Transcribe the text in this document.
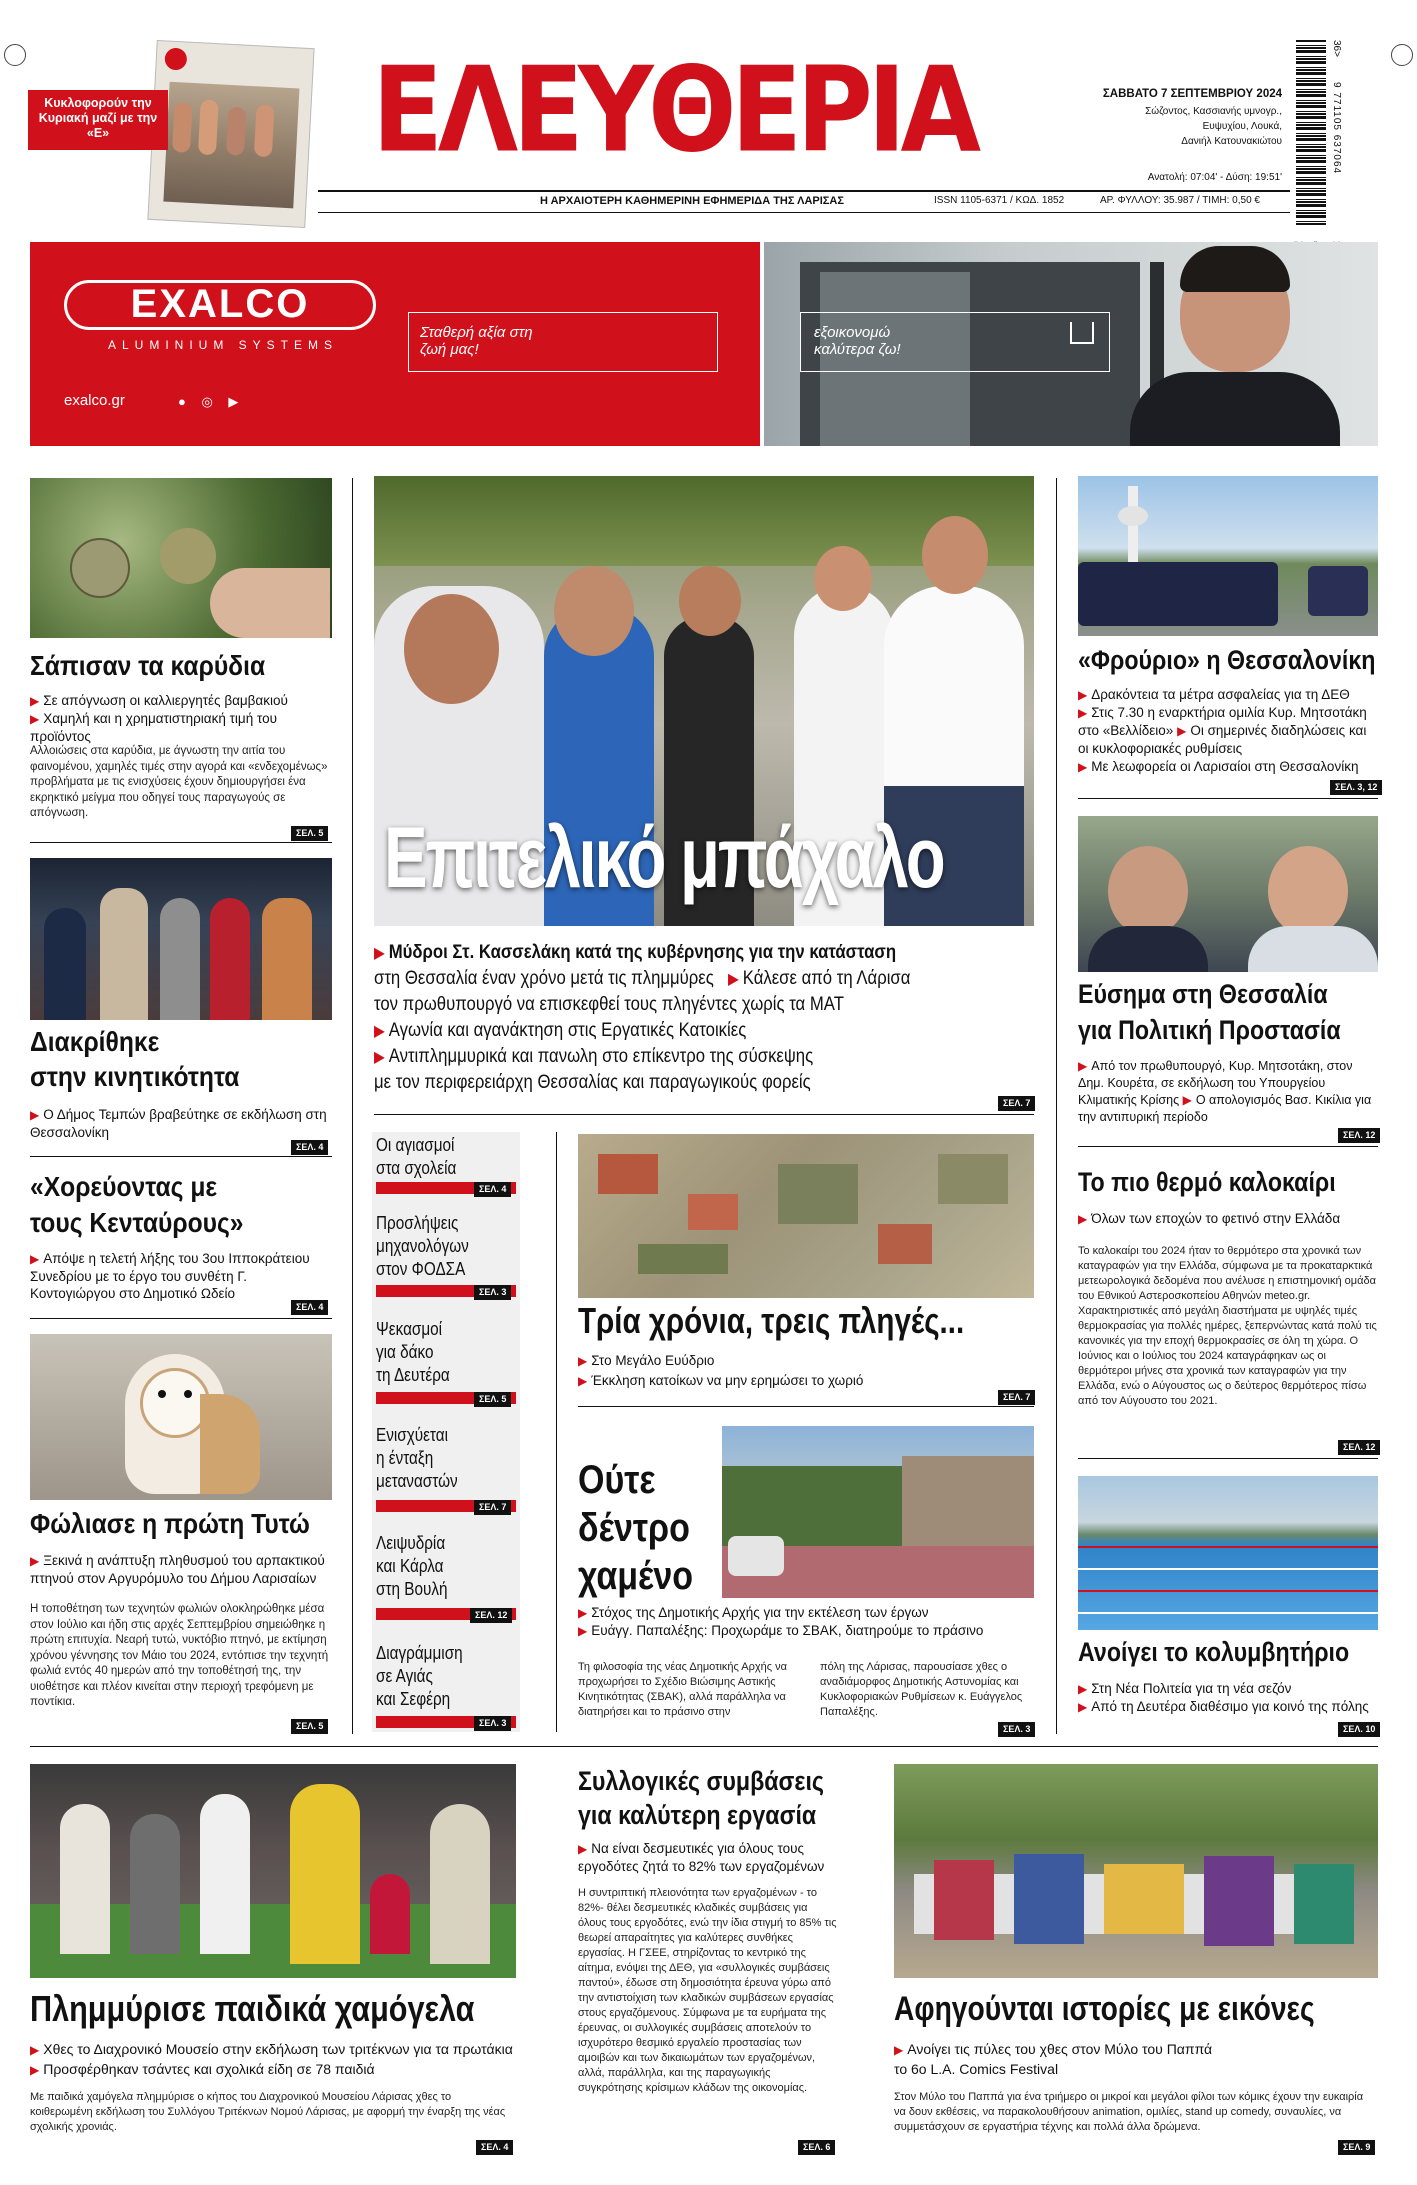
Κυκλοφορούν την Κυριακή μαζί με την «Ε»	ΕΛΕΥΘΕΡΙΑ	ΣΑΒΒΑΤΟ 7 ΣΕΠΤΕΜΒΡΙΟΥ 2024
Σώζοντος, Κασσιανής υμνογρ.,
Ευψυχίου, Λουκά,
Δανιήλ Κατουνακιώτου
Ανατολή: 07:04' - Δύση: 19:51'
36>
9 771105 637064
Η ΑΡΧΑΙΟΤΕΡΗ ΚΑΘΗΜΕΡΙΝΗ ΕΦΗΜΕΡΙΔΑ ΤΗΣ ΛΑΡΙΣΑΣ	ISSN 1105-6371 / ΚΩΔ. 1852	ΑΡ. ΦΥΛΛΟΥ: 35.987 / ΤΙΜΗ: 0,50 €
EXALCO
ALUMINIUM SYSTEMS
exalco.gr	● ◎ ▶
Σταθερή αξία στη ζωή μας!
εξοικονομώ καλύτερα ζω!
Σάπισαν τα καρύδια
▶ Σε απόγνωση οι καλλιεργητές βαμβακιού
▶ Χαμηλή και η χρηματιστηριακή τιμή του προϊόντος
Αλλοιώσεις στα καρύδια, με άγνωστη την αιτία του φαινομένου, χαμηλές τιμές στην αγορά και «ενδεχομένως» προβλήματα με τις ενισχύσεις έχουν δημιουργήσει ένα εκρηκτικό μείγμα που οδηγεί τους παραγωγούς σε απόγνωση.
ΣΕΛ. 5
Διακρίθηκε
στην κινητικότητα
▶ Ο Δήμος Τεμπών βραβεύτηκε σε εκδήλωση στη Θεσσαλονίκη
ΣΕΛ. 4
«Χορεύοντας με
τους Κενταύρους»
▶ Απόψε η τελετή λήξης του 3ου Ιπποκράτειου Συνεδρίου με το έργο του συνθέτη Γ. Κοντογιώργου στο Δημοτικό Ωδείο
ΣΕΛ. 4
Φώλιασε η πρώτη Τυτώ
▶ Ξεκινά η ανάπτυξη πληθυσμού του αρπακτικού πτηνού στον Αργυρόμυλο του Δήμου Λαρισαίων
Η τοποθέτηση των τεχνητών φωλιών ολοκληρώθηκε μέσα στον Ιούλιο και ήδη στις αρχές Σεπτεμβρίου σημειώθηκε η πρώτη επιτυχία. Νεαρή τυτώ, νυκτόβιο πτηνό, με εκτίμηση χρόνου γέννησης τον Μάιο του 2024, εντόπισε την τεχνητή φωλιά εντός 40 ημερών από την τοποθέτησή της, την υιοθέτησε και πλέον κινείται στην περιοχή τρεφόμενη με ποντίκια.
ΣΕΛ. 5
Επιτελικό μπάχαλο
▶ Μύδροι Στ. Κασσελάκη κατά της κυβέρνησης για την κατάσταση
στη Θεσσαλία έναν χρόνο μετά τις πλημμύρες ▶ Κάλεσε από τη Λάρισα
τον πρωθυπουργό να επισκεφθεί τους πληγέντες χωρίς τα ΜΑΤ
▶ Αγωνία και αγανάκτηση στις Εργατικές Κατοικίες
▶ Αντιπλημμυρικά και πανωλη στο επίκεντρο της σύσκεψης
με τον περιφερειάρχη Θεσσαλίας και παραγωγικούς φορείς
ΣΕΛ. 7
Οι αγιασμοί
στα σχολεία
ΣΕΛ. 4
Προσλήψεις
μηχανολόγων
στον ΦΟΔΣΑ
ΣΕΛ. 3
Ψεκασμοί
για δάκο
τη Δευτέρα
ΣΕΛ. 5
Ενισχύεται
η ένταξη
μεταναστών
ΣΕΛ. 7
Λειψυδρία
και Κάρλα
στη Βουλή
ΣΕΛ. 12
Διαγράμμιση
σε Αγιάς
και Σεφέρη
ΣΕΛ. 3
Τρία χρόνια, τρεις πληγές...
▶ Στο Μεγάλο Ευύδριο
▶ Έκκληση κατοίκων να μην ερημώσει το χωριό
ΣΕΛ. 7
Ούτε
δέντρο
χαμένο
▶ Στόχος της Δημοτικής Αρχής για την εκτέλεση των έργων
▶ Ευάγγ. Παπαλέξης: Προχωράμε το ΣΒΑΚ, διατηρούμε το πράσινο
Τη φιλοσοφία της νέας Δημοτικής Αρχής να προχωρήσει το Σχέδιο Βιώσιμης Αστικής Κινητικότητας (ΣΒΑΚ), αλλά παράλληλα να διατηρήσει και το πράσινο στην
πόλη της Λάρισας, παρουσίασε χθες ο αναδιάμορφος Δημοτικής Αστυνομίας και Κυκλοφοριακών Ρυθμίσεων κ. Ευάγγελος Παπαλέξης.
ΣΕΛ. 3
«Φρούριο» η Θεσσαλονίκη
▶ Δρακόντεια τα μέτρα ασφαλείας για τη ΔΕΘ
▶ Στις 7.30 η εναρκτήρια ομιλία Κυρ. Μητσοτάκη στο «Βελλίδειο» ▶ Οι σημερινές διαδηλώσεις και οι κυκλοφοριακές ρυθμίσεις
▶ Με λεωφορεία οι Λαρισαίοι στη Θεσσαλονίκη
ΣΕΛ. 3, 12
Εύσημα στη Θεσσαλία
για Πολιτική Προστασία
▶ Από τον πρωθυπουργό, Κυρ. Μητσοτάκη, στον Δημ. Κουρέτα, σε εκδήλωση του Υπουργείου Κλιματικής Κρίσης ▶ Ο απολογισμός Βασ. Κικίλια για την αντιπυρική περίοδο
ΣΕΛ. 12
Το πιο θερμό καλοκαίρι
▶ Όλων των εποχών το φετινό στην Ελλάδα
Το καλοκαίρι του 2024 ήταν το θερμότερο στα χρονικά των καταγραφών για την Ελλάδα, σύμφωνα με τα προκαταρκτικά μετεωρολογικά δεδομένα που ανέλυσε η επιστημονική ομάδα του Εθνικού Αστεροσκοπείου Αθηνών meteo.gr. Χαρακτηριστικές από μεγάλη διαστήματα με υψηλές τιμές θερμοκρασίας για πολλές ημέρες, ξεπερνώντας κατά πολύ τις κανονικές για την εποχή θερμοκρασίες σε όλη τη χώρα. Ο Ιούνιος και ο Ιούλιος του 2024 καταγράφηκαν ως οι θερμότεροι μήνες στα χρονικά των καταγραφών για την Ελλάδα, ενώ ο Αύγουστος ως ο δεύτερος θερμότερος πίσω από τον Αύγουστο του 2021.
ΣΕΛ. 12
Ανοίγει το κολυμβητήριο
▶ Στη Νέα Πολιτεία για τη νέα σεζόν
▶ Από τη Δευτέρα διαθέσιμο για κοινό της πόλης
ΣΕΛ. 10
Πλημμύρισε παιδικά χαμόγελα
▶ Χθες το Διαχρονικό Μουσείο στην εκδήλωση των τριτέκνων για τα πρωτάκια ▶ Προσφέρθηκαν τσάντες και σχολικά είδη σε 78 παιδιά
Με παιδικά χαμόγελα πλημμύρισε ο κήπος του Διαχρονικού Μουσείου Λάρισας χθες το κοιθερωμένη εκδήλωση του Συλλόγου Τριτέκνων Νομού Λάρισας, με αφορμή την έναρξη της νέας σχολικής χρονιάς.
ΣΕΛ. 4
Συλλογικές συμβάσεις
για καλύτερη εργασία
▶ Να είναι δεσμευτικές για όλους τους εργοδότες ζητά το 82% των εργαζομένων
Η συντριπτική πλειονότητα των εργαζομένων - το 82%- θέλει δεσμευτικές κλαδικές συμβάσεις για όλους τους εργοδότες, ενώ την ίδια στιγμή το 85% τις θεωρεί απαραίτητες για καλύτερες συνθήκες εργασίας. Η ΓΣΕΕ, στηρίζοντας το κεντρικό της αίτημα, ενόψει της ΔΕΘ, για «συλλογικές συμβάσεις παντού», έδωσε στη δημοσιότητα έρευνα γύρω από την αντιστοίχιση των κλαδικών συμβάσεων εργασίας στους εργαζόμενους. Σύμφωνα με τα ευρήματα της έρευνας, οι συλλογικές συμβάσεις αποτελούν το ισχυρότερο θεσμικό εργαλείο προστασίας των αμοιβών και των δικαιωμάτων των εργαζομένων, αλλά, παράλληλα, και της παραγωγικής συγκρότησης κρίσιμων κλάδων της οικονομίας.
ΣΕΛ. 6
Αφηγούνται ιστορίες με εικόνες
▶ Ανοίγει τις πύλες του χθες στον Μύλο του Παππά
το 6ο L.A. Comics Festival
Στον Μύλο του Παππά για ένα τριήμερο οι μικροί και μεγάλοι φίλοι των κόμικς έχουν την ευκαιρία να δουν εκθέσεις, να παρακολουθήσουν animation, ομιλίες, stand up comedy, συναυλίες, να συμμετάσχουν σε εργαστήρια τέχνης και πολλά άλλα δρώμενα.
ΣΕΛ. 9
